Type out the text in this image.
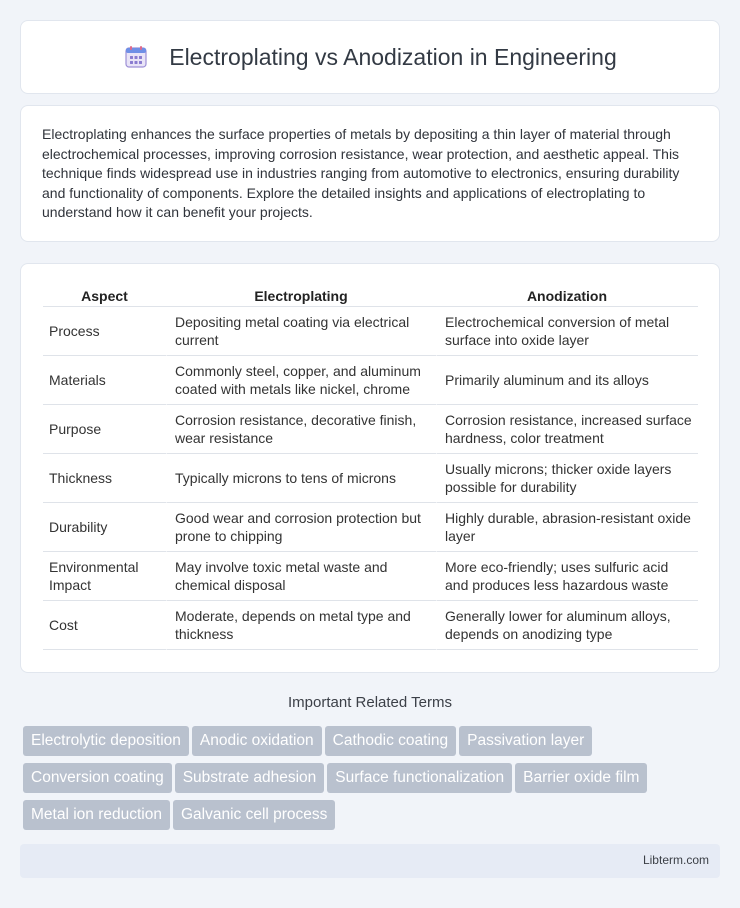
Electroplating vs Anodization in Engineering

Electroplating enhances the surface properties of metals by depositing a thin layer of material through electrochemical processes, improving corrosion resistance, wear protection, and aesthetic appeal. This technique finds widespread use in industries ranging from automotive to electronics, ensuring durability and functionality of components. Explore the detailed insights and applications of electroplating to understand how it can benefit your projects.

Aspect	Electroplating	Anodization
Process	Depositing metal coating via electrical current	Electrochemical conversion of metal surface into oxide layer
Materials	Commonly steel, copper, and aluminum coated with metals like nickel, chrome	Primarily aluminum and its alloys
Purpose	Corrosion resistance, decorative finish, wear resistance	Corrosion resistance, increased surface hardness, color treatment
Thickness	Typically microns to tens of microns	Usually microns; thicker oxide layers possible for durability
Durability	Good wear and corrosion protection but prone to chipping	Highly durable, abrasion-resistant oxide layer
Environmental Impact	May involve toxic metal waste and chemical disposal	More eco-friendly; uses sulfuric acid and produces less hazardous waste
Cost	Moderate, depends on metal type and thickness	Generally lower for aluminum alloys, depends on anodizing type
Important Related Terms
Electrolytic deposition Anodic oxidation Cathodic coating Passivation layer
Conversion coating Substrate adhesion Surface functionalization Barrier oxide film
Metal ion reduction Galvanic cell process
Libterm.com
